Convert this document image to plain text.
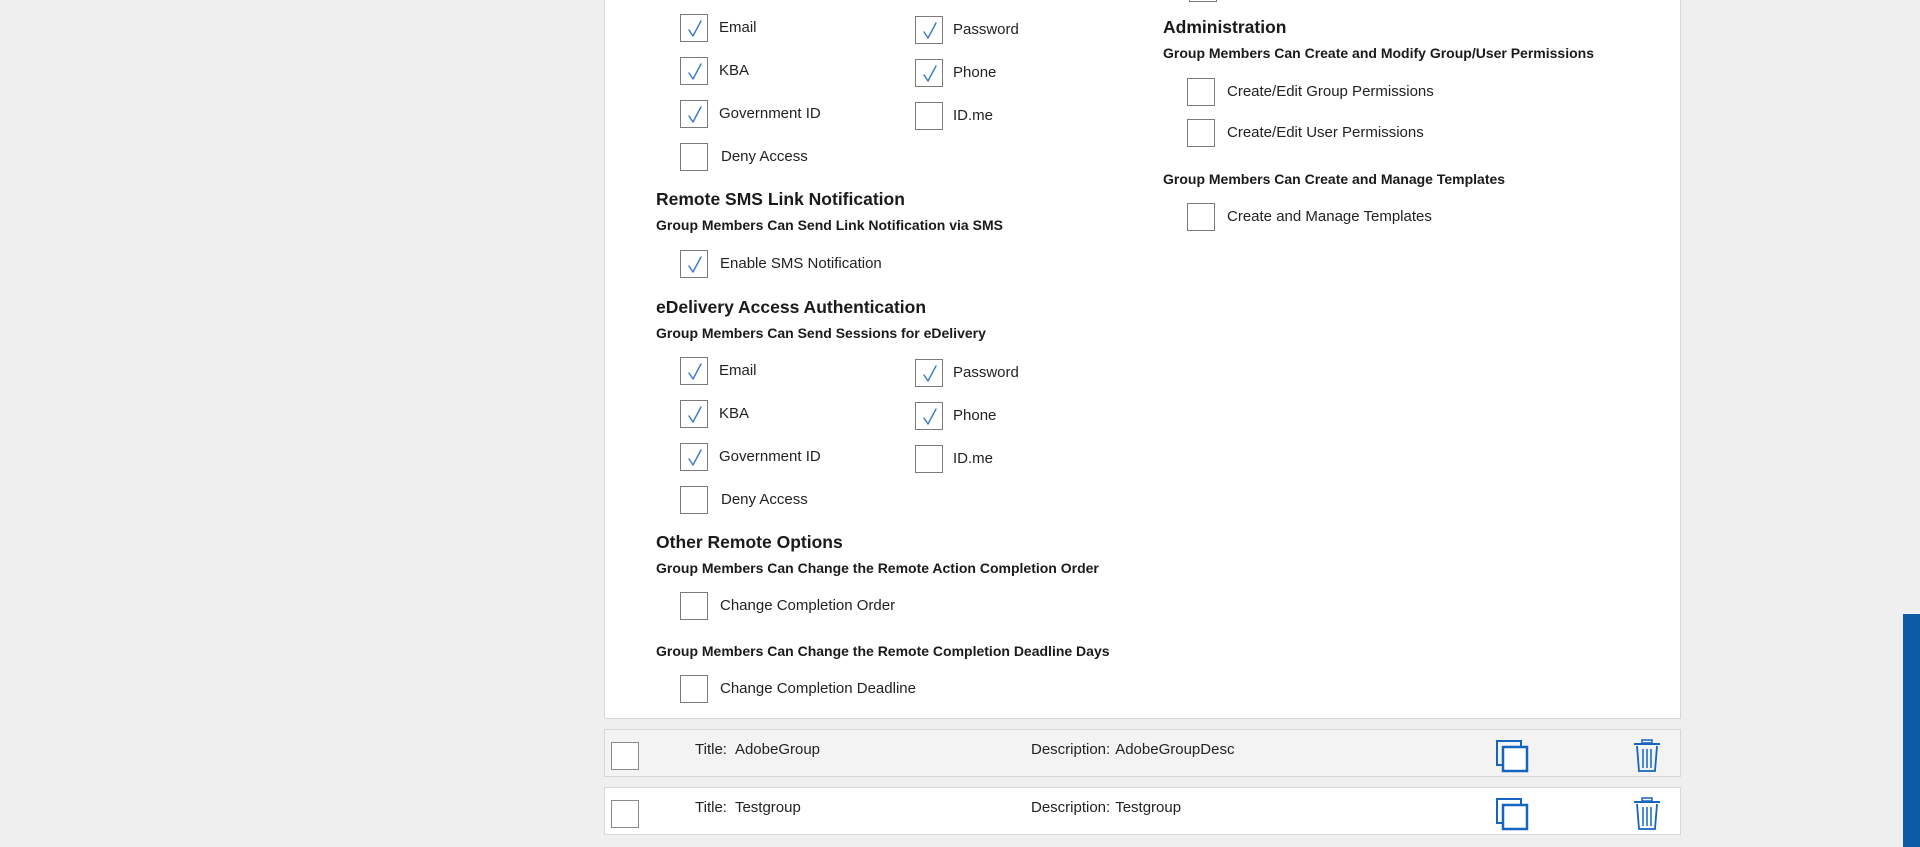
Email	Password
KBA	Phone
Government ID	ID.me
Deny Access
Remote SMS Link Notification
Group Members Can Send Link Notification via SMS
Enable SMS Notification
eDelivery Access Authentication
Group Members Can Send Sessions for eDelivery
Email	Password
KBA	Phone
Government ID	ID.me
Deny Access
Other Remote Options
Group Members Can Change the Remote Action Completion Order
Change Completion Order
Group Members Can Change the Remote Completion Deadline Days
Change Completion Deadline
Administration
Group Members Can Create and Modify Group/User Permissions
Create/Edit Group Permissions
Create/Edit User Permissions
Group Members Can Create and Manage Templates
Create and Manage Templates
Title: AdobeGroup	Description: AdobeGroupDesc
Title: Testgroup	Description: Testgroup
